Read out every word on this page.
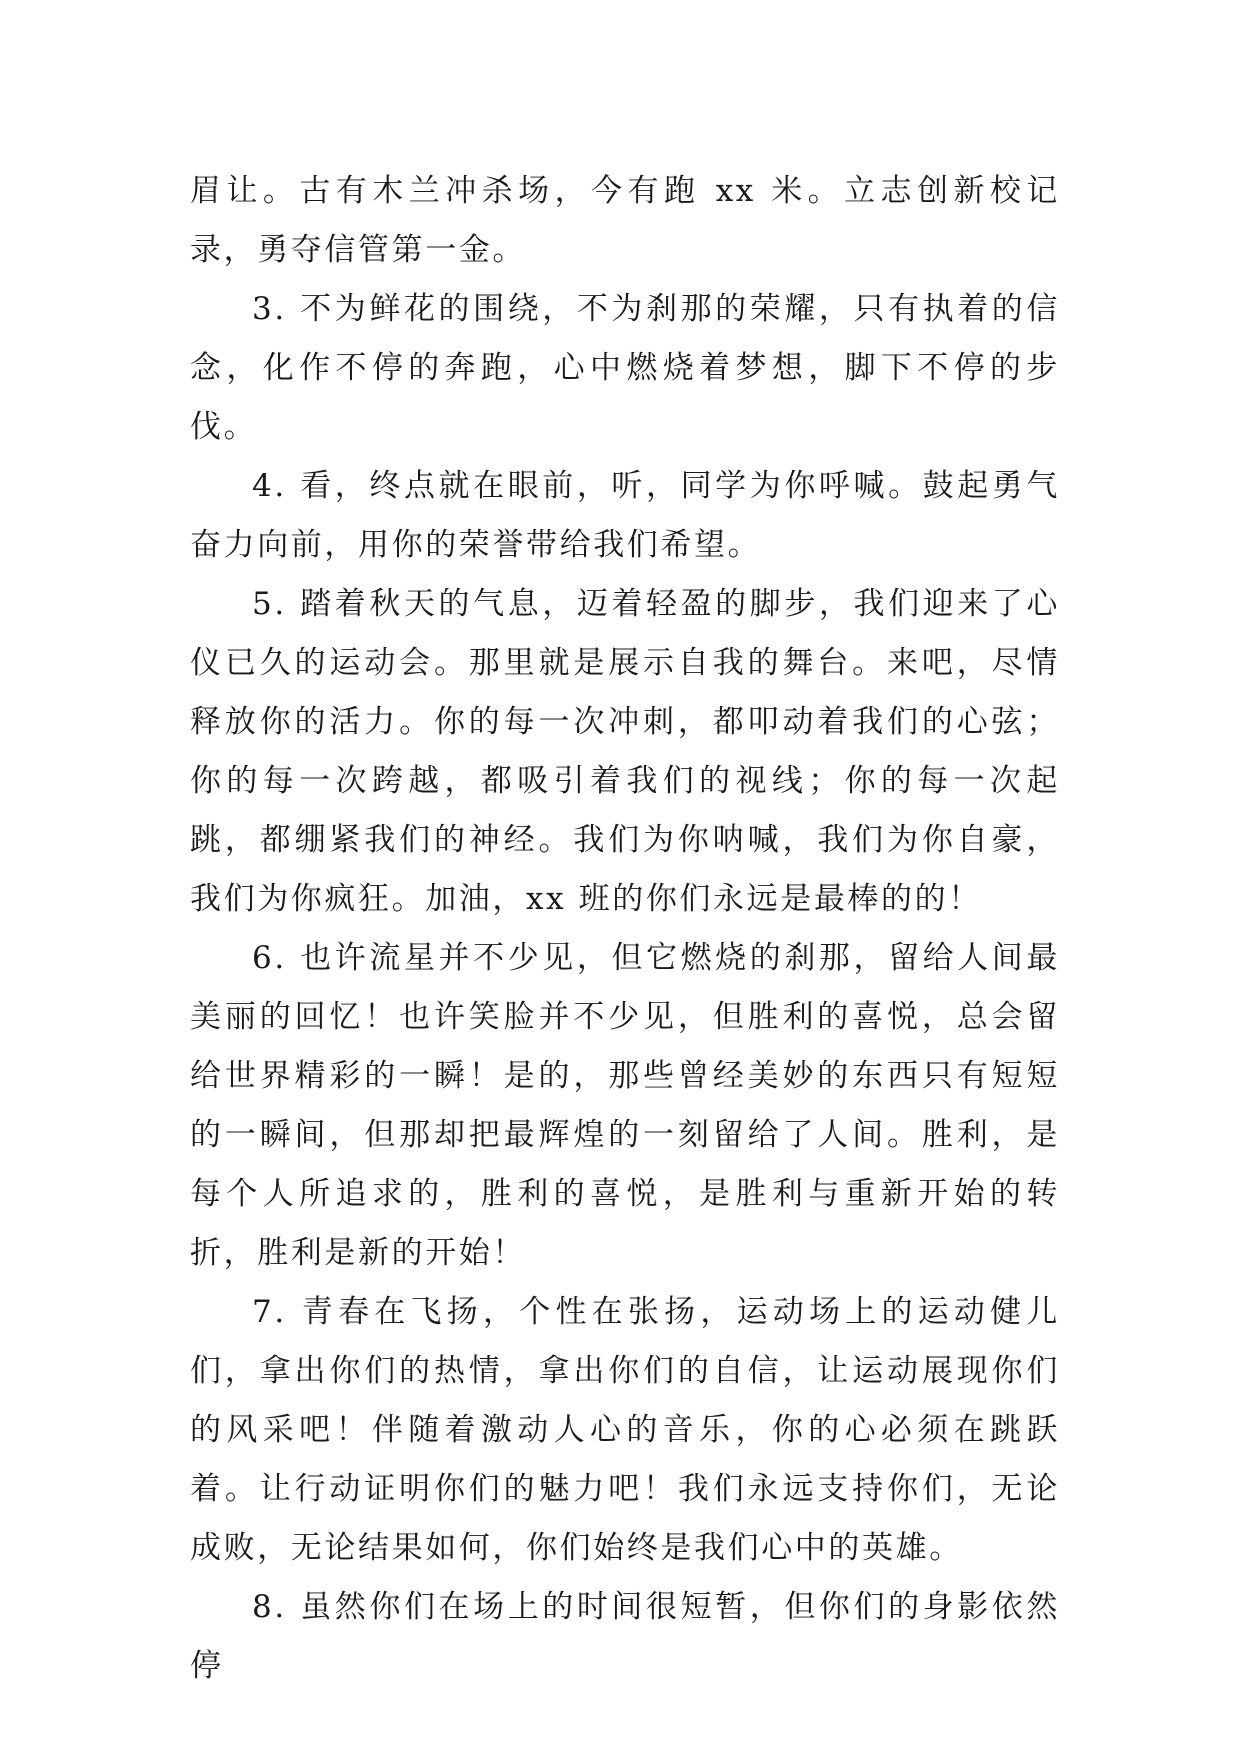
眉让。古有木兰冲杀场，今有跑 xx 米。立志创新校记录，勇夺信管第一金。

3. 不为鲜花的围绕，不为刹那的荣耀，只有执着的信念，化作不停的奔跑，心中燃烧着梦想，脚下不停的步伐。

4. 看，终点就在眼前，听，同学为你呼喊。鼓起勇气奋力向前，用你的荣誉带给我们希望。

5. 踏着秋天的气息，迈着轻盈的脚步，我们迎来了心仪已久的运动会。那里就是展示自我的舞台。来吧，尽情释放你的活力。你的每一次冲刺，都叩动着我们的心弦；你的每一次跨越，都吸引着我们的视线；你的每一次起跳，都绷紧我们的神经。我们为你呐喊，我们为你自豪，我们为你疯狂。加油，xx 班的你们永远是最棒的的！

6. 也许流星并不少见，但它燃烧的刹那，留给人间最美丽的回忆！也许笑脸并不少见，但胜利的喜悦，总会留给世界精彩的一瞬！是的，那些曾经美妙的东西只有短短的一瞬间，但那却把最辉煌的一刻留给了人间。胜利，是每个人所追求的，胜利的喜悦，是胜利与重新开始的转折，胜利是新的开始！

7. 青春在飞扬，个性在张扬，运动场上的运动健儿们，拿出你们的热情，拿出你们的自信，让运动展现你们的风采吧！伴随着激动人心的音乐，你的心必须在跳跃着。让行动证明你们的魅力吧！我们永远支持你们，无论成败，无论结果如何，你们始终是我们心中的英雄。

8. 虽然你们在场上的时间很短暂，但你们的身影依然停
